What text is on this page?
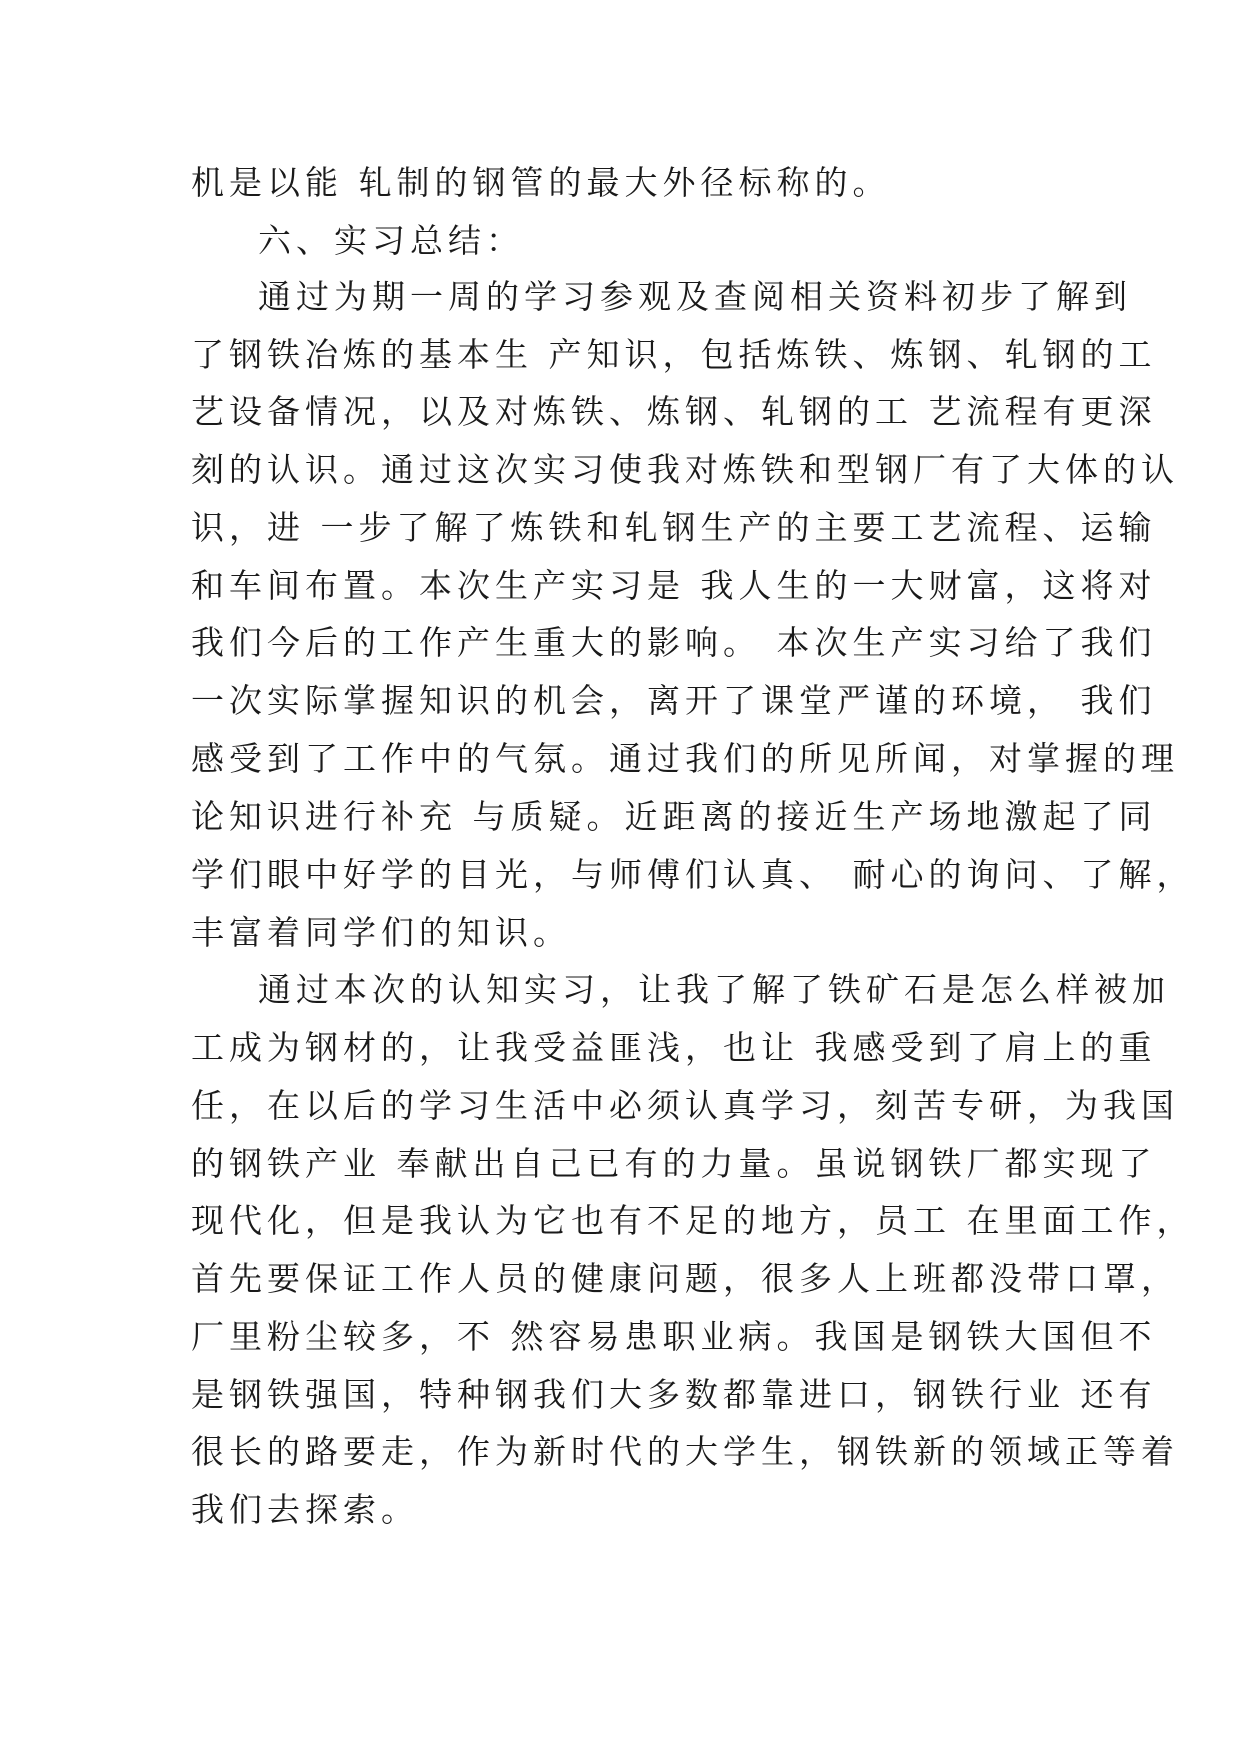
机是以能 轧制的钢管的最大外径标称的。
六、实习总结：
通过为期一周的学习参观及查阅相关资料初步了解到
了钢铁冶炼的基本生 产知识，包括炼铁、炼钢、轧钢的工
艺设备情况，以及对炼铁、炼钢、轧钢的工 艺流程有更深
刻的认识。通过这次实习使我对炼铁和型钢厂有了大体的认
识，进 一步了解了炼铁和轧钢生产的主要工艺流程、运输
和车间布置。本次生产实习是 我人生的一大财富，这将对
我们今后的工作产生重大的影响。 本次生产实习给了我们
一次实际掌握知识的机会，离开了课堂严谨的环境， 我们
感受到了工作中的气氛。通过我们的所见所闻，对掌握的理
论知识进行补充 与质疑。近距离的接近生产场地激起了同
学们眼中好学的目光，与师傅们认真、 耐心的询问、了解，
丰富着同学们的知识。
通过本次的认知实习，让我了解了铁矿石是怎么样被加
工成为钢材的，让我受益匪浅，也让 我感受到了肩上的重
任，在以后的学习生活中必须认真学习，刻苦专研，为我国
的钢铁产业 奉献出自己已有的力量。虽说钢铁厂都实现了
现代化，但是我认为它也有不足的地方，员工 在里面工作，
首先要保证工作人员的健康问题，很多人上班都没带口罩，
厂里粉尘较多，不 然容易患职业病。我国是钢铁大国但不
是钢铁强国，特种钢我们大多数都靠进口，钢铁行业 还有
很长的路要走，作为新时代的大学生，钢铁新的领域正等着
我们去探索。
